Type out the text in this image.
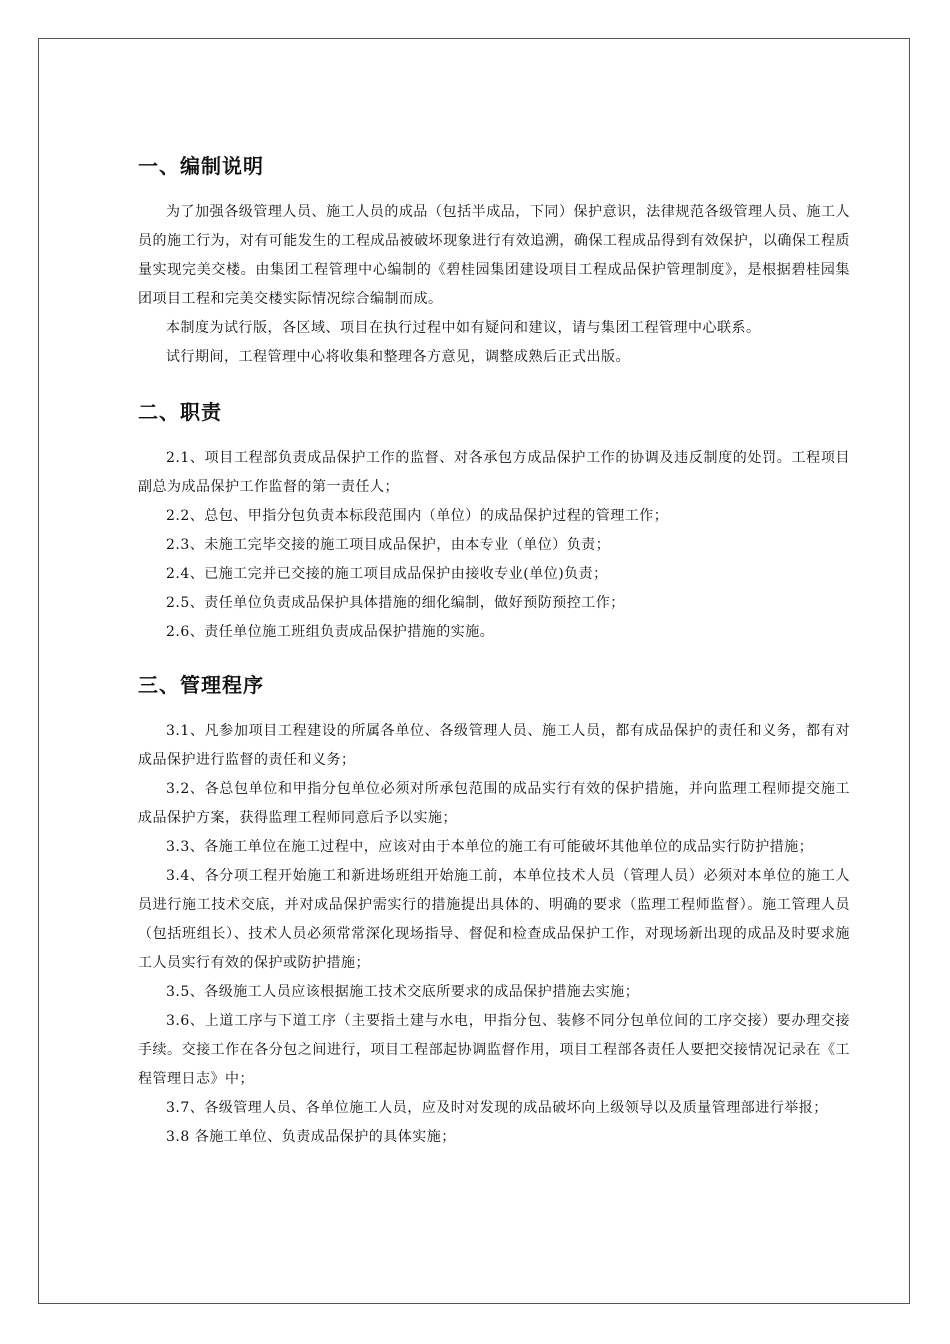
一、编制说明

为了加强各级管理人员、施工人员的成品（包括半成品，下同）保护意识，法律规范各级管理人员、施工人员的施工行为，对有可能发生的工程成品被破坏现象进行有效追溯，确保工程成品得到有效保护，以确保工程质量实现完美交楼。由集团工程管理中心编制的《碧桂园集团建设项目工程成品保护管理制度》，是根据碧桂园集团项目工程和完美交楼实际情况综合编制而成。

本制度为试行版，各区域、项目在执行过程中如有疑问和建议，请与集团工程管理中心联系。

试行期间，工程管理中心将收集和整理各方意见，调整成熟后正式出版。

二、职责

2.1、项目工程部负责成品保护工作的监督、对各承包方成品保护工作的协调及违反制度的处罚。工程项目副总为成品保护工作监督的第一责任人；

2.2、总包、甲指分包负责本标段范围内（单位）的成品保护过程的管理工作；

2.3、未施工完毕交接的施工项目成品保护，由本专业（单位）负责；

2.4、已施工完并已交接的施工项目成品保护由接收专业(单位)负责；

2.5、责任单位负责成品保护具体措施的细化编制，做好预防预控工作；

2.6、责任单位施工班组负责成品保护措施的实施。

三、管理程序

3.1、凡参加项目工程建设的所属各单位、各级管理人员、施工人员，都有成品保护的责任和义务，都有对成品保护进行监督的责任和义务；

3.2、各总包单位和甲指分包单位必须对所承包范围的成品实行有效的保护措施，并向监理工程师提交施工成品保护方案，获得监理工程师同意后予以实施；

3.3、各施工单位在施工过程中，应该对由于本单位的施工有可能破坏其他单位的成品实行防护措施；

3.4、各分项工程开始施工和新进场班组开始施工前，本单位技术人员（管理人员）必须对本单位的施工人员进行施工技术交底，并对成品保护需实行的措施提出具体的、明确的要求（监理工程师监督）。施工管理人员（包括班组长）、技术人员必须常常深化现场指导、督促和检查成品保护工作，对现场新出现的成品及时要求施工人员实行有效的保护或防护措施；

3.5、各级施工人员应该根据施工技术交底所要求的成品保护措施去实施；

3.6、上道工序与下道工序（主要指土建与水电，甲指分包、装修不同分包单位间的工序交接）要办理交接手续。交接工作在各分包之间进行，项目工程部起协调监督作用，项目工程部各责任人要把交接情况记录在《工程管理日志》中；

3.7、各级管理人员、各单位施工人员，应及时对发现的成品破坏向上级领导以及质量管理部进行举报；

3.8 各施工单位、负责成品保护的具体实施；
